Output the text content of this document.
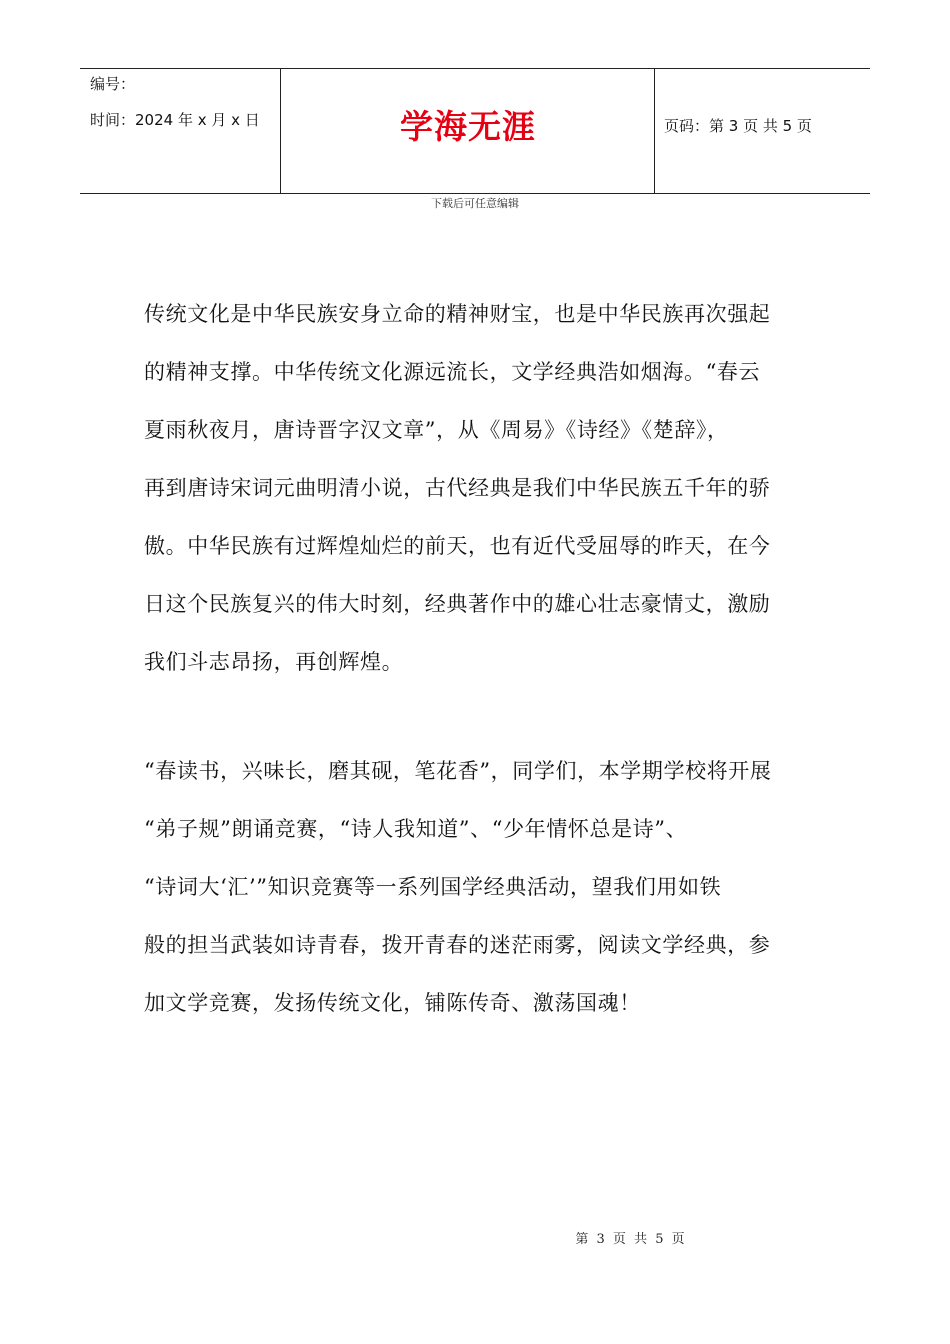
编号：
时间：2024 年 x 月 x 日	学海无涯	页码：第 3 页 共 5 页
下载后可任意编辑
传统文化是中华民族安身立命的精神财宝，也是中华民族再次强起
的精神支撑。中华传统文化源远流长，文学经典浩如烟海。“春云
夏雨秋夜月，唐诗晋字汉文章”，从《周易》《诗经》《楚辞》，
再到唐诗宋词元曲明清小说，古代经典是我们中华民族五千年的骄
傲。中华民族有过辉煌灿烂的前天，也有近代受屈辱的昨天，在今
日这个民族复兴的伟大时刻，经典著作中的雄心壮志豪情丈，激励
我们斗志昂扬，再创辉煌。
“春读书，兴味长，磨其砚，笔花香”，同学们，本学期学校将开展
“弟子规”朗诵竞赛，“诗人我知道”、“少年情怀总是诗”、
“诗词大‘汇’”知识竞赛等一系列国学经典活动，望我们用如铁
般的担当武装如诗青春，拨开青春的迷茫雨雾，阅读文学经典，参
加文学竞赛，发扬传统文化，铺陈传奇、激荡国魂！
第 3 页 共 5 页
